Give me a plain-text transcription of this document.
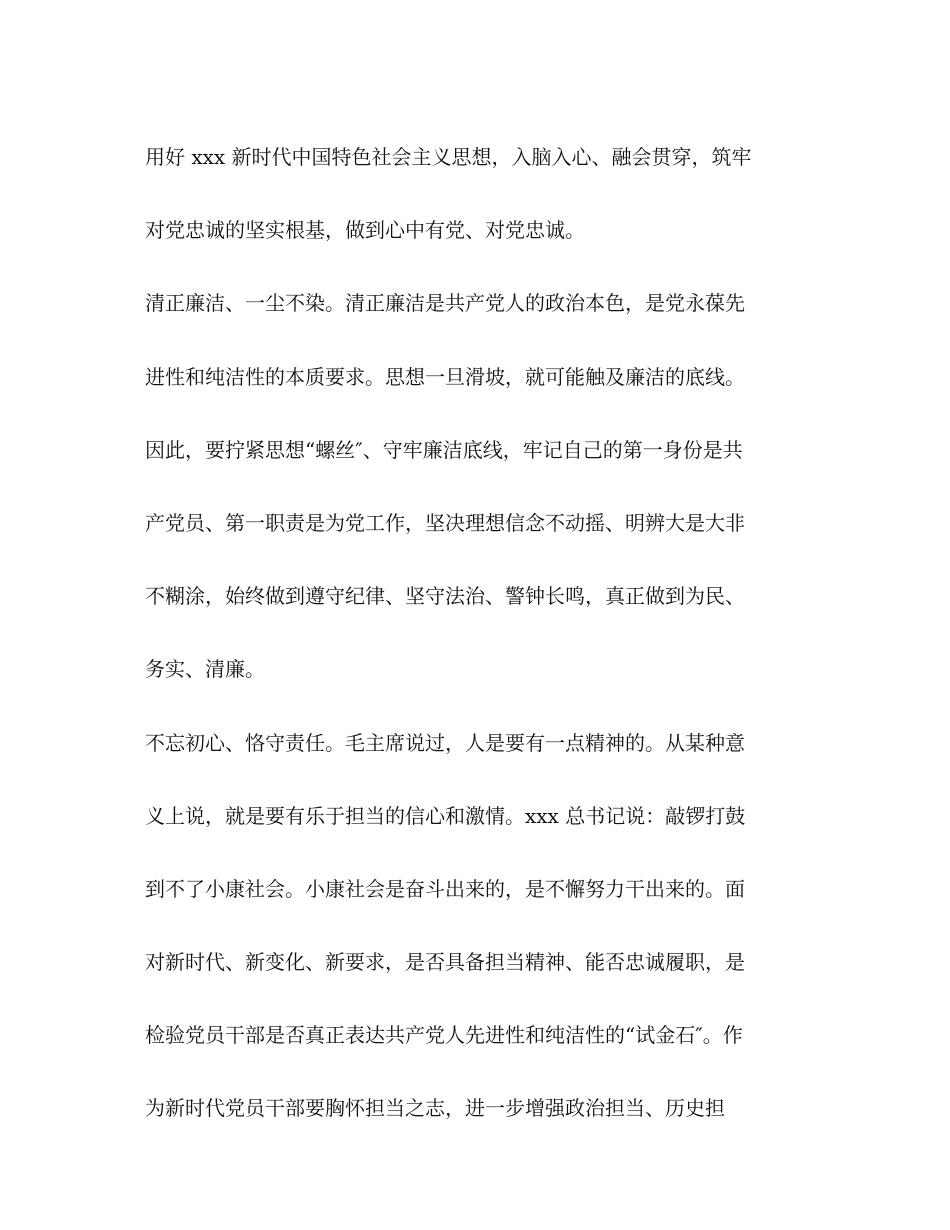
用好 xxx 新时代中国特色社会主义思想，入脑入心、融会贯穿，筑牢
对党忠诚的坚实根基，做到心中有党、对党忠诚。
清正廉洁、一尘不染。清正廉洁是共产党人的政治本色，是党永葆先
进性和纯洁性的本质要求。思想一旦滑坡，就可能触及廉洁的底线。
因此，要拧紧思想“螺丝″、守牢廉洁底线，牢记自己的第一身份是共
产党员、第一职责是为党工作，坚决理想信念不动摇、明辨大是大非
不糊涂，始终做到遵守纪律、坚守法治、警钟长鸣，真正做到为民、
务实、清廉。
不忘初心、恪守责任。毛主席说过，人是要有一点精神的。从某种意
义上说，就是要有乐于担当的信心和激情。xxx 总书记说：敲锣打鼓
到不了小康社会。小康社会是奋斗出来的，是不懈努力干出来的。面
对新时代、新变化、新要求，是否具备担当精神、能否忠诚履职，是
检验党员干部是否真正表达共产党人先进性和纯洁性的“试金石″。作
为新时代党员干部要胸怀担当之志，进一步增强政治担当、历史担
